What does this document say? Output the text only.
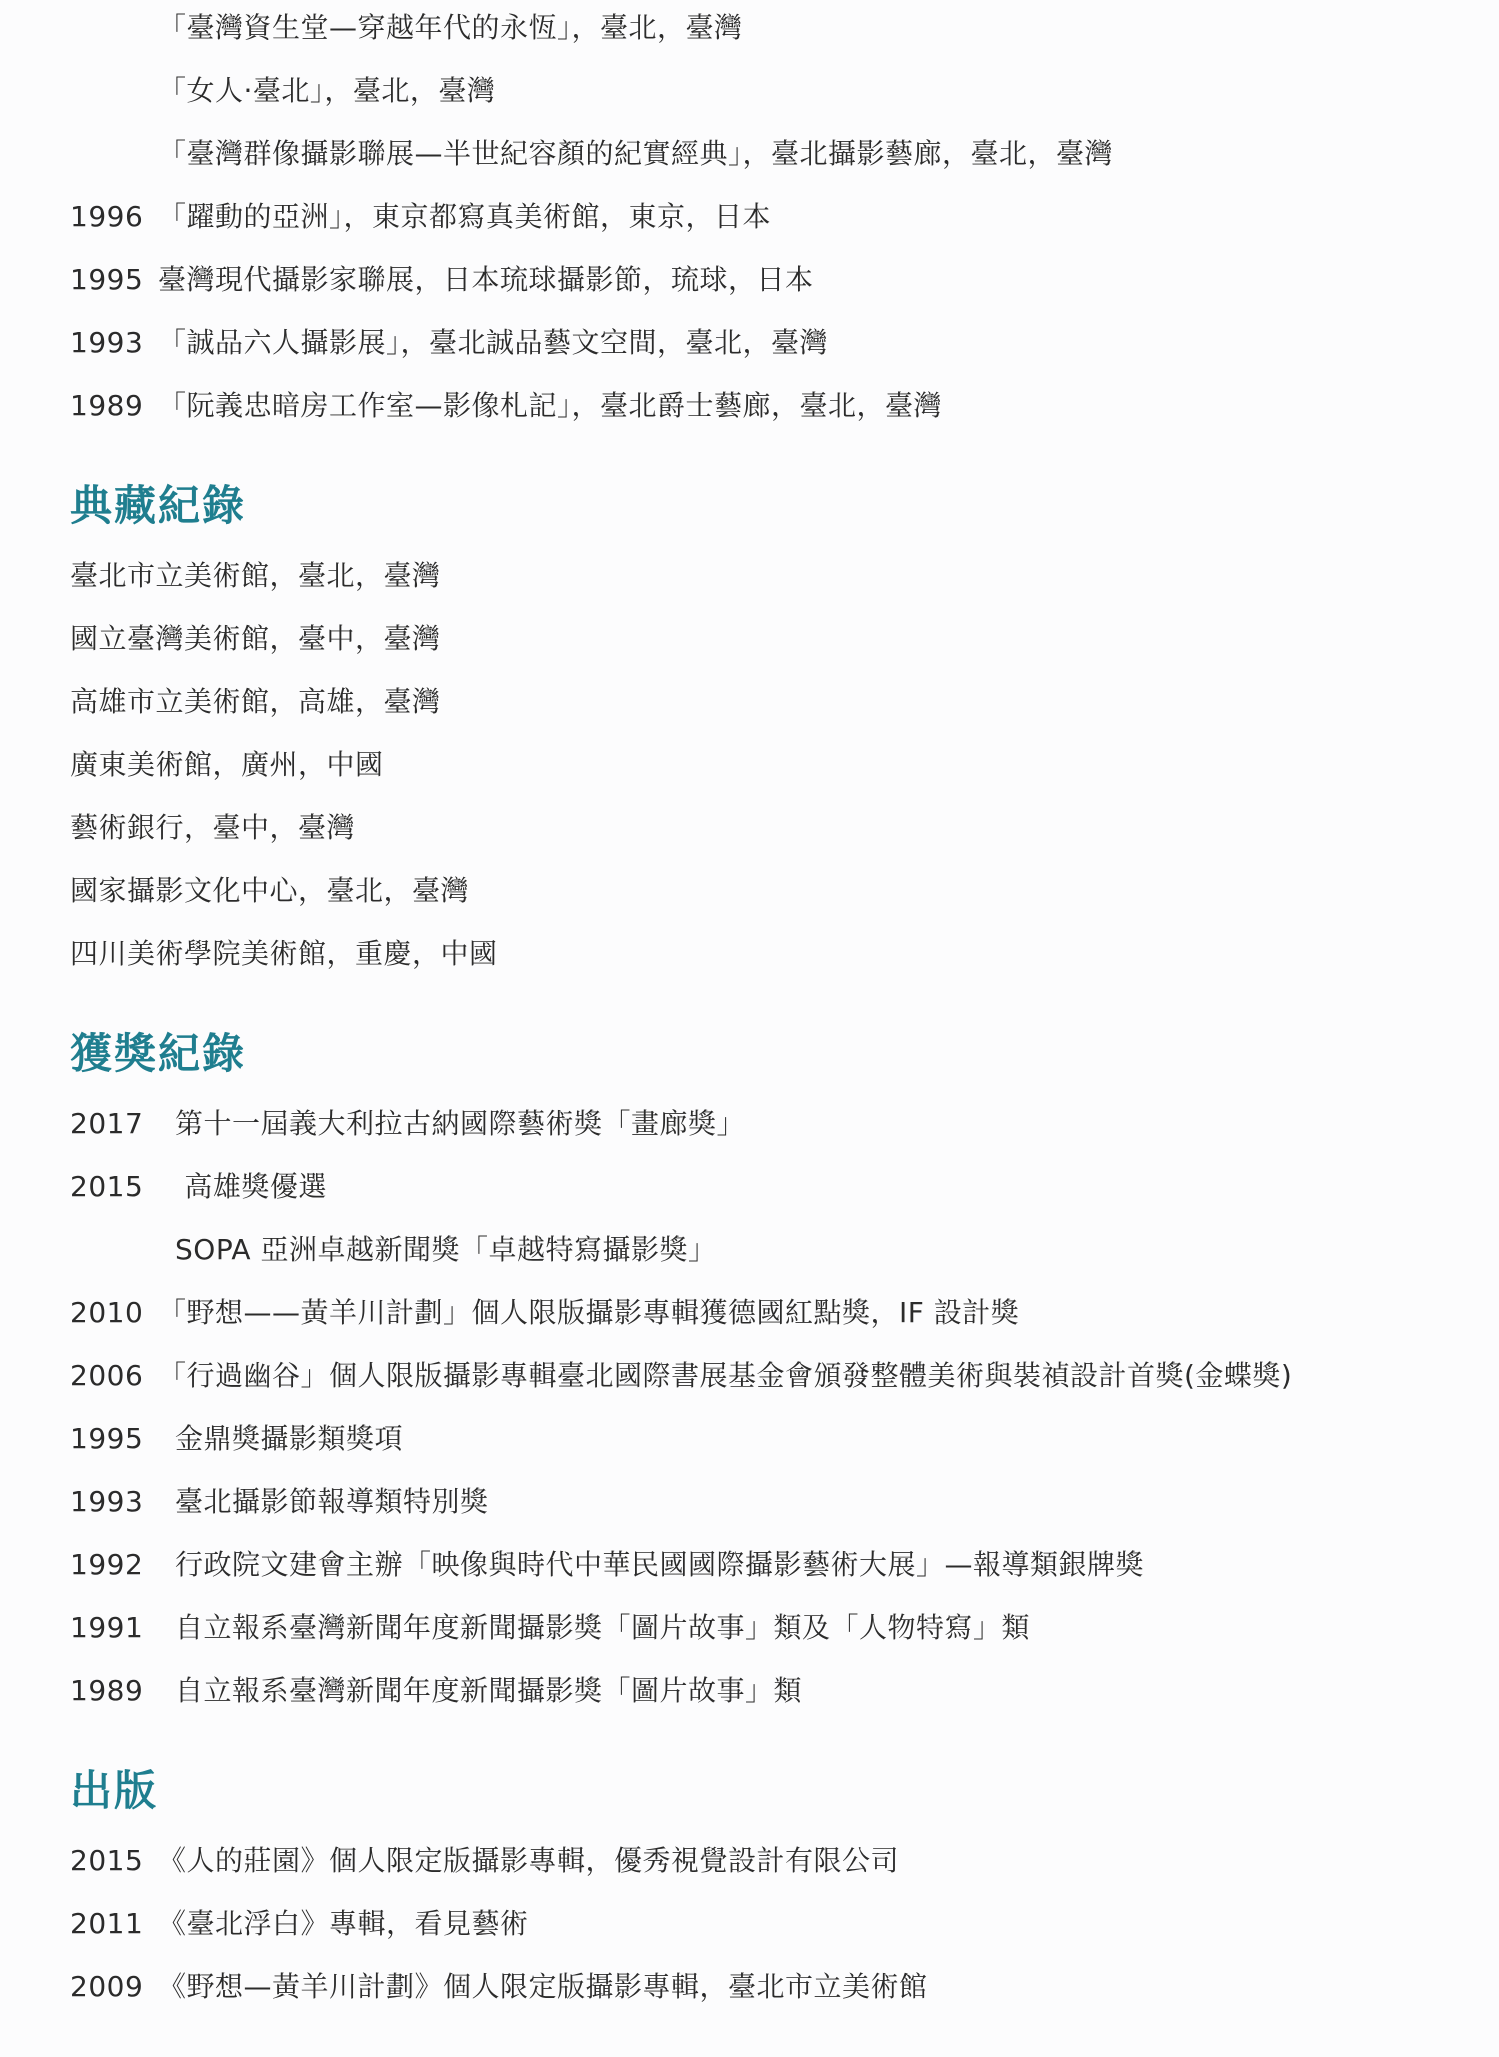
「臺灣資生堂—穿越年代的永恆」，臺北，臺灣
「女人·臺北」，臺北，臺灣
「臺灣群像攝影聯展—半世紀容顏的紀實經典」，臺北攝影藝廊，臺北，臺灣
1996 「躍動的亞洲」，東京都寫真美術館，東京，日本
1995 臺灣現代攝影家聯展，日本琉球攝影節，琉球，日本
1993 「誠品六人攝影展」，臺北誠品藝文空間，臺北，臺灣
1989 「阮義忠暗房工作室—影像札記」，臺北爵士藝廊，臺北，臺灣
典藏紀錄
臺北市立美術館，臺北，臺灣
國立臺灣美術館，臺中，臺灣
高雄市立美術館，高雄，臺灣
廣東美術館，廣州，中國
藝術銀行，臺中，臺灣
國家攝影文化中心，臺北，臺灣
四川美術學院美術館，重慶，中國
獲獎紀錄
2017 第十一屆義大利拉古納國際藝術獎「畫廊獎」
2015 高雄獎優選
SOPA 亞洲卓越新聞獎「卓越特寫攝影獎」
2010 「野想——黃羊川計劃」個人限版攝影專輯獲德國紅點獎，IF 設計獎
2006 「行過幽谷」個人限版攝影專輯臺北國際書展基金會頒發整體美術與裝禎設計首獎(金蝶獎)
1995 金鼎獎攝影類獎項
1993 臺北攝影節報導類特別獎
1992 行政院文建會主辦「映像與時代中華民國國際攝影藝術大展」—報導類銀牌獎
1991 自立報系臺灣新聞年度新聞攝影獎「圖片故事」類及「人物特寫」類
1989 自立報系臺灣新聞年度新聞攝影獎「圖片故事」類
出版
2015 《人的莊園》個人限定版攝影專輯，優秀視覺設計有限公司
2011 《臺北浮白》專輯，看見藝術
2009 《野想—黃羊川計劃》個人限定版攝影專輯，臺北市立美術館
